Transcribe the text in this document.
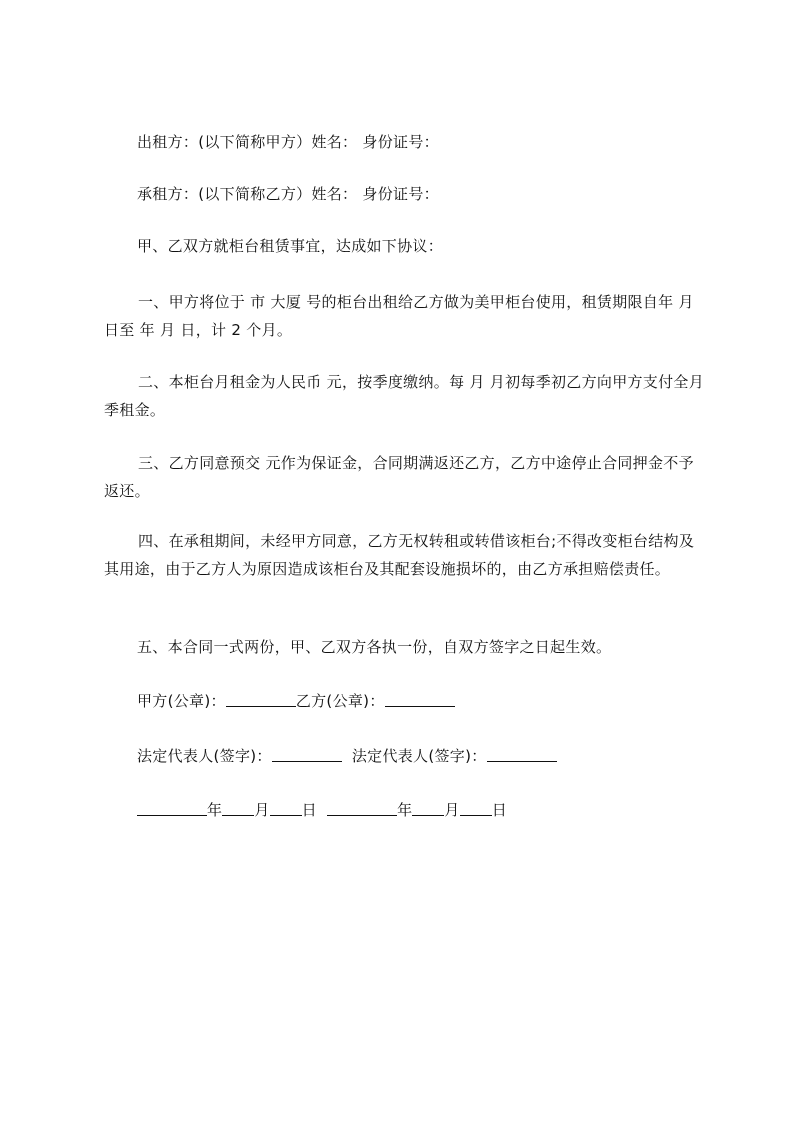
出租方：(以下简称甲方）姓名： 身份证号：
承租方：(以下简称乙方）姓名： 身份证号：
甲、乙双方就柜台租赁事宜，达成如下协议：
一、甲方将位于 市 大厦 号的柜台出租给乙方做为美甲柜台使用，租赁期限自年 月 日至 年 月 日，计 2 个月。
二、本柜台月租金为人民币 元，按季度缴纳。每 月 月初每季初乙方向甲方支付全月季租金。
三、乙方同意预交 元作为保证金，合同期满返还乙方，乙方中途停止合同押金不予返还。
四、在承租期间，未经甲方同意，乙方无权转租或转借该柜台;不得改变柜台结构及其用途，由于乙方人为原因造成该柜台及其配套设施损坏的，由乙方承担赔偿责任。
五、本合同一式两份，甲、乙双方各执一份，自双方签字之日起生效。
甲方(公章)：	乙方(公章)：
法定代表人(签字)：	法定代表人(签字)：
年 月 日	年 月 日
